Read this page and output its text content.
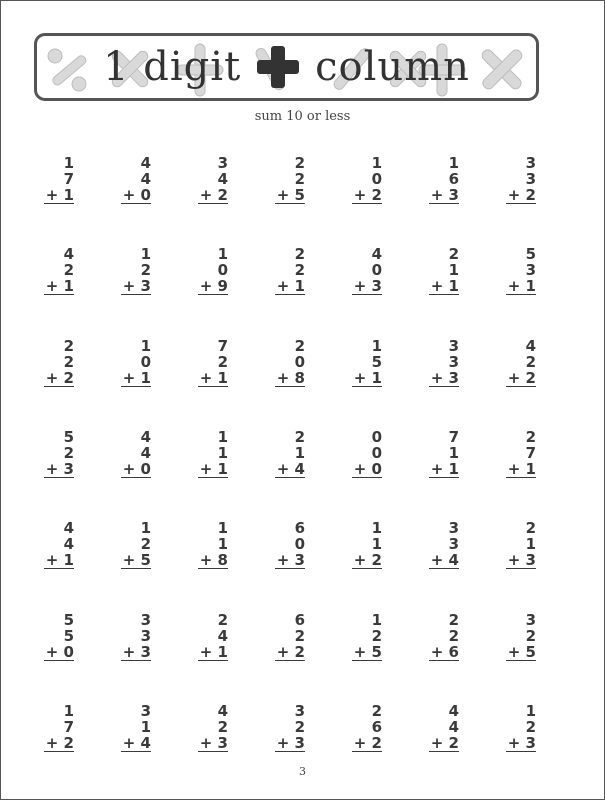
1 digit column
sum 10 or less
1
7
+ 1
4
4
+ 0
3
4
+ 2
2
2
+ 5
1
0
+ 2
1
6
+ 3
3
3
+ 2
4
2
+ 1
1
2
+ 3
1
0
+ 9
2
2
+ 1
4
0
+ 3
2
1
+ 1
5
3
+ 1
2
2
+ 2
1
0
+ 1
7
2
+ 1
2
0
+ 8
1
5
+ 1
3
3
+ 3
4
2
+ 2
5
2
+ 3
4
4
+ 0
1
1
+ 1
2
1
+ 4
0
0
+ 0
7
1
+ 1
2
7
+ 1
4
4
+ 1
1
2
+ 5
1
1
+ 8
6
0
+ 3
1
1
+ 2
3
3
+ 4
2
1
+ 3
5
5
+ 0
3
3
+ 3
2
4
+ 1
6
2
+ 2
1
2
+ 5
2
2
+ 6
3
2
+ 5
1
7
+ 2
3
1
+ 4
4
2
+ 3
3
2
+ 3
2
6
+ 2
4
4
+ 2
1
2
+ 3
3
